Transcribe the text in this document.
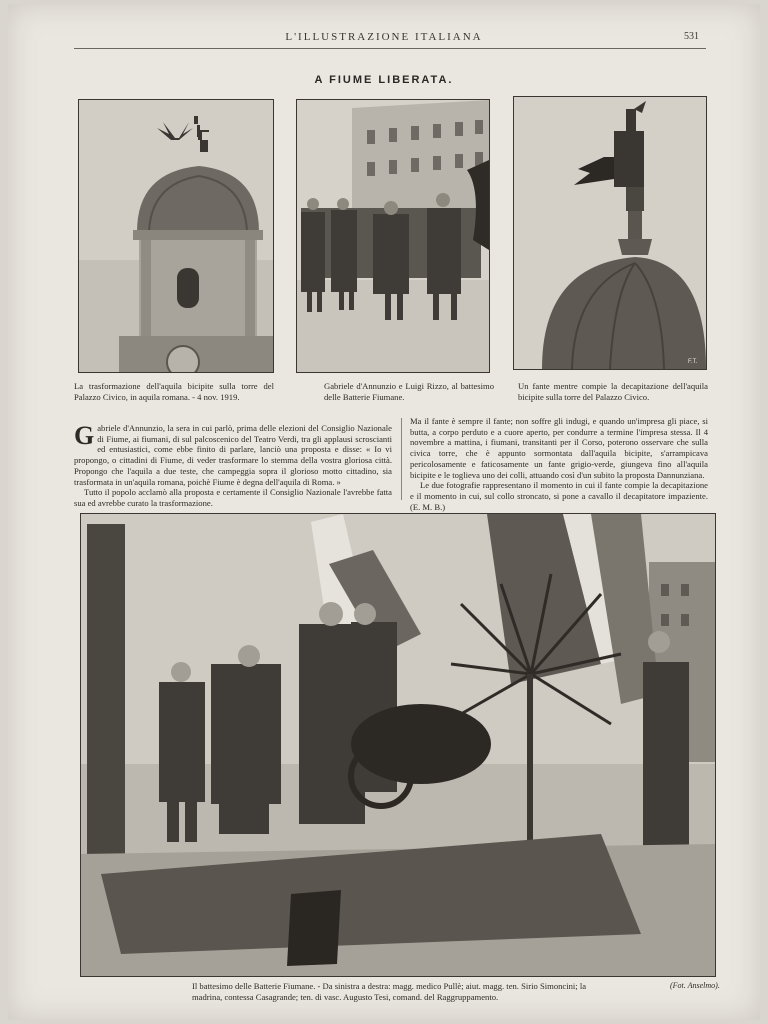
L'ILLUSTRAZIONE ITALIANA	531
A FIUME LIBERATA.
F.T.

La trasformazione dell'aquila bicipite sulla torre del Palazzo Civico, in aquila romana. - 4 nov. 1919.

Gabriele d'Annunzio e Luigi Rizzo, al battesimo delle Batterie Fiumane.

Un fante mentre compie la decapitazione dell'aquila bicipite sulla torre del Palazzo Civico.

Gabriele d'Annunzio, la sera in cui parlò, prima delle elezioni del Consiglio Nazionale di Fiume, ai fiumani, di sul palcoscenico del Teatro Verdi, tra gli applausi scroscianti ed entusiastici, come ebbe finito di parlare, lanciò una proposta e disse: « Io vi propongo, o cittadini di Fiume, di veder trasformare lo stemma della vostra gloriosa città. Propongo che l'aquila a due teste, che campeggia sopra il glorioso motto cittadino, sia trasformata in un'aquila romana, poichè Fiume è degna dell'aquila di Roma. »

Tutto il popolo acclamò alla proposta e certamente il Consiglio Nazionale l'avrebbe fatta sua ed avrebbe curato la trasformazione.

Ma il fante è sempre il fante; non soffre gli indugi, e quando un'impresa gli piace, si butta, a corpo perduto e a cuore aperto, per condurre a termine l'impresa stessa. Il 4 novembre a mattina, i fiumani, transitanti per il Corso, poterono osservare che sulla civica torre, che è appunto sormontata dall'aquila bicipite, s'arrampicava pericolosamente e faticosamente un fante grigio-verde, giungeva fino all'aquila bicipite e le toglieva uno dei colli, attuando così d'un subito la proposta Dannunziana.

Le due fotografie rappresentano il momento in cui il fante compie la decapitazione e il momento in cui, sul collo stroncato, si pone a cavallo il decapitatore impaziente. (E. M. B.)

Il battesimo delle Batterie Fiumane. - Da sinistra a destra: magg. medico Pullè; aiut. magg. ten. Sirio Simoncini; la madrina, contessa Casagrande; ten. di vasc. Augusto Tesi, comand. del Raggruppamento.
(Fot. Anselmo).
